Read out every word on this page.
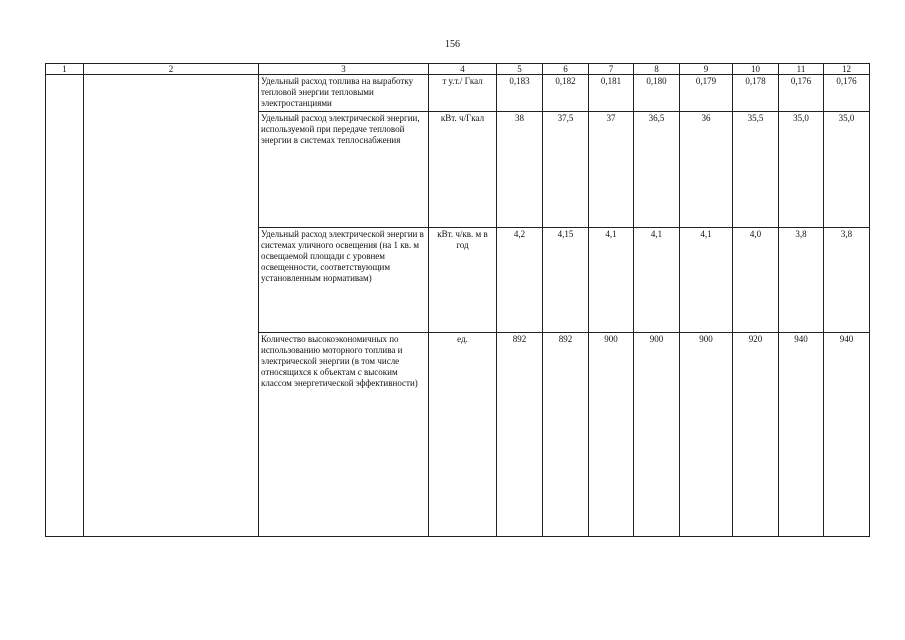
156
1	2	3	4	5	6	7	8	9	10	11	12
		Удельный расход топлива на выработку тепловой энергии тепловыми электростанциями	т у.т./ Гкал	0,183	0,182	0,181	0,180	0,179	0,178	0,176	0,176
		Удельный расход электрической энергии, используемой при передаче тепловой энергии в системах теплоснабжения	кВт. ч/Гкал	38	37,5	37	36,5	36	35,5	35,0	35,0
		Удельный расход электрической энергии в системах уличного освещения (на 1 кв. м освещаемой площади с уровнем освещенности, соответствующим установленным нормативам)	кВт. ч/кв. м в год	4,2	4,15	4,1	4,1	4,1	4,0	3,8	3,8
		Количество высокоэкономичных по использованию моторного топлива и электрической энергии (в том числе относящихся к объектам с высоким классом энергетической эффективности)	ед.	892	892	900	900	900	920	940	940
